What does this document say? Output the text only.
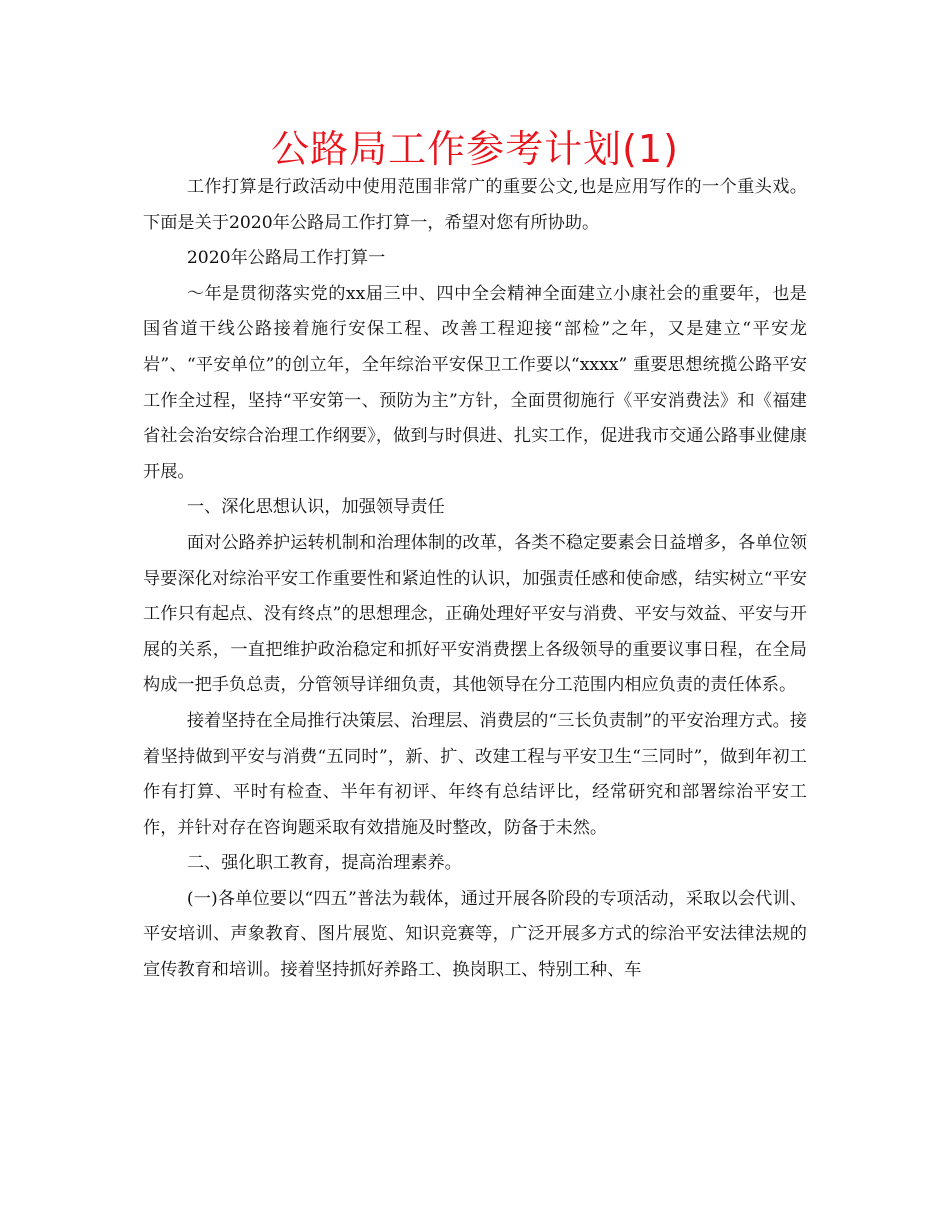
公路局工作参考计划(1)

工作打算是行政活动中使用范围非常广的重要公文,也是应用写作的一个重头戏。下面是关于2020年公路局工作打算一，希望对您有所协助。

2020年公路局工作打算一

～年是贯彻落实党的xx届三中、四中全会精神全面建立小康社会的重要年，也是国省道干线公路接着施行安保工程、改善工程迎接“部检”之年，又是建立“平安龙岩”、“平安单位”的创立年，全年综治平安保卫工作要以“xxxx” 重要思想统揽公路平安工作全过程，坚持“平安第一、预防为主”方针，全面贯彻施行《平安消费法》和《福建省社会治安综合治理工作纲要》，做到与时俱进、扎实工作，促进我市交通公路事业健康开展。

一、深化思想认识，加强领导责任

面对公路养护运转机制和治理体制的改革，各类不稳定要素会日益增多，各单位领导要深化对综治平安工作重要性和紧迫性的认识，加强责任感和使命感，结实树立“平安工作只有起点、没有终点”的思想理念，正确处理好平安与消费、平安与效益、平安与开展的关系，一直把维护政治稳定和抓好平安消费摆上各级领导的重要议事日程，在全局构成一把手负总责，分管领导详细负责，其他领导在分工范围内相应负责的责任体系。

接着坚持在全局推行决策层、治理层、消费层的“三长负责制”的平安治理方式。接着坚持做到平安与消费“五同时”，新、扩、改建工程与平安卫生“三同时”，做到年初工作有打算、平时有检查、半年有初评、年终有总结评比，经常研究和部署综治平安工作，并针对存在咨询题采取有效措施及时整改，防备于未然。

二、强化职工教育，提高治理素养。

(一)各单位要以“四五”普法为载体，通过开展各阶段的专项活动，采取以会代训、平安培训、声象教育、图片展览、知识竞赛等，广泛开展多方式的综治平安法律法规的宣传教育和培训。接着坚持抓好养路工、换岗职工、特别工种、车
